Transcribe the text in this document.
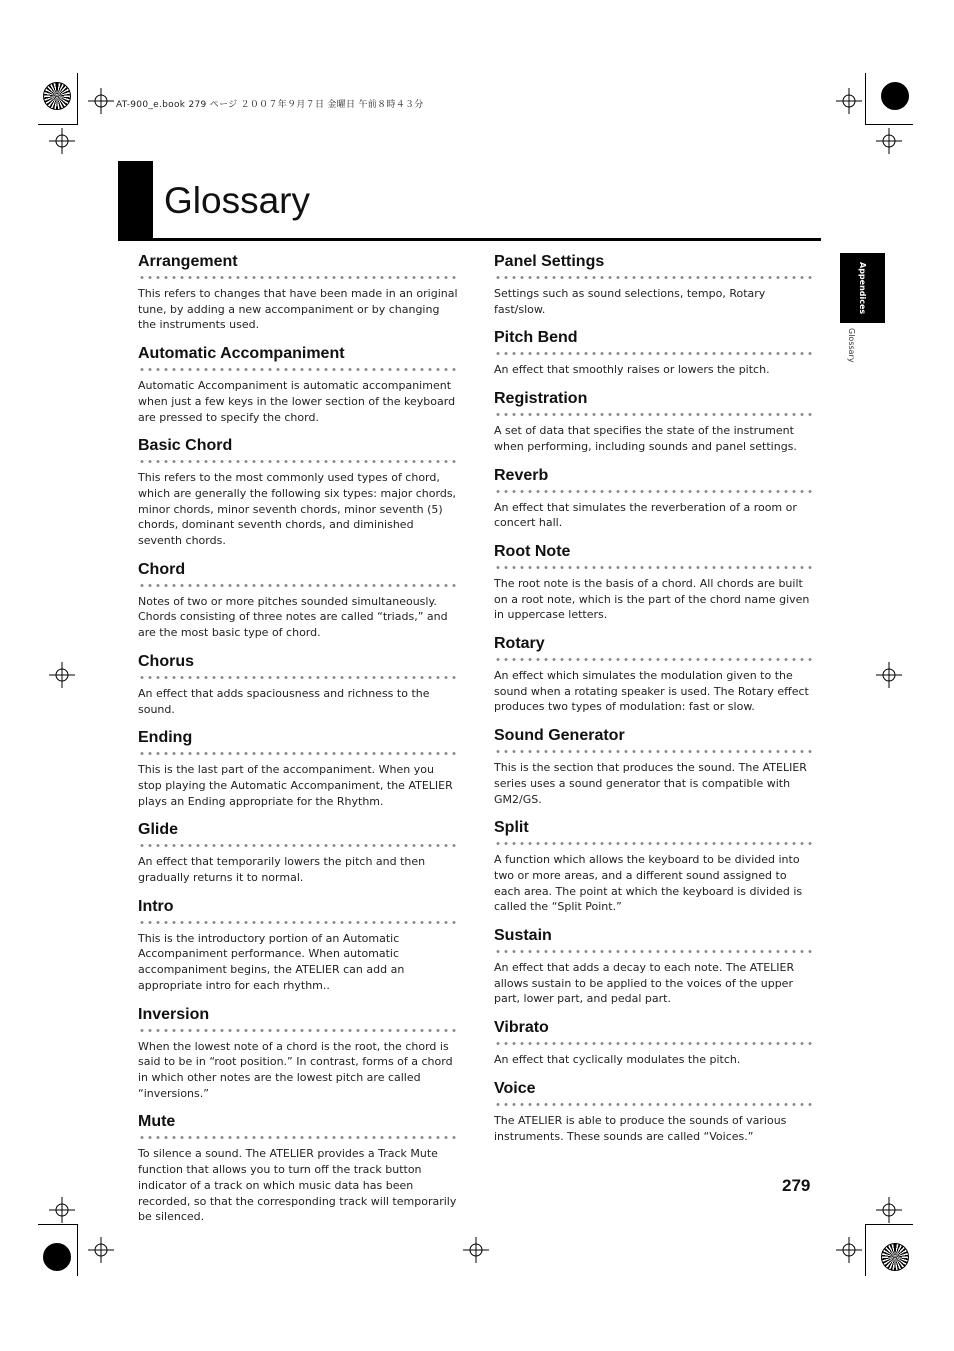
AT-900_e.book 279 ページ ２００７年９月７日 金曜日 午前８時４３分
Glossary
Appendices
Glossary
Arrangement

This refers to changes that have been made in an original tune, by adding a new accompaniment or by changing the instruments used.

Automatic Accompaniment

Automatic Accompaniment is automatic accompaniment when just a few keys in the lower section of the keyboard are pressed to specify the chord.

Basic Chord

This refers to the most commonly used types of chord, which are generally the following six types: major chords, minor chords, minor seventh chords, minor seventh (5) chords, dominant seventh chords, and diminished seventh chords.

Chord

Notes of two or more pitches sounded simultaneously. Chords consisting of three notes are called “triads,” and are the most basic type of chord.

Chorus

An effect that adds spaciousness and richness to the sound.

Ending

This is the last part of the accompaniment. When you stop playing the Automatic Accompaniment, the ATELIER plays an Ending appropriate for the Rhythm.

Glide

An effect that temporarily lowers the pitch and then gradually returns it to normal.

Intro

This is the introductory portion of an Automatic Accompaniment performance. When automatic accompaniment begins, the ATELIER can add an appropriate intro for each rhythm..

Inversion

When the lowest note of a chord is the root, the chord is said to be in “root position.” In contrast, forms of a chord in which other notes are the lowest pitch are called “inversions.”

Mute

To silence a sound. The ATELIER provides a Track Mute function that allows you to turn off the track button indicator of a track on which music data has been recorded, so that the corresponding track will temporarily be silenced.

Panel Settings

Settings such as sound selections, tempo, Rotary fast/slow.

Pitch Bend

An effect that smoothly raises or lowers the pitch.

Registration

A set of data that specifies the state of the instrument when performing, including sounds and panel settings.

Reverb

An effect that simulates the reverberation of a room or concert hall.

Root Note

The root note is the basis of a chord. All chords are built on a root note, which is the part of the chord name given in uppercase letters.

Rotary

An effect which simulates the modulation given to the sound when a rotating speaker is used. The Rotary effect produces two types of modulation: fast or slow.

Sound Generator

This is the section that produces the sound. The ATELIER series uses a sound generator that is compatible with GM2/GS.

Split

A function which allows the keyboard to be divided into two or more areas, and a different sound assigned to each area. The point at which the keyboard is divided is called the “Split Point.”

Sustain

An effect that adds a decay to each note. The ATELIER allows sustain to be applied to the voices of the upper part, lower part, and pedal part.

Vibrato

An effect that cyclically modulates the pitch.

Voice

The ATELIER is able to produce the sounds of various instruments. These sounds are called “Voices.”

279
